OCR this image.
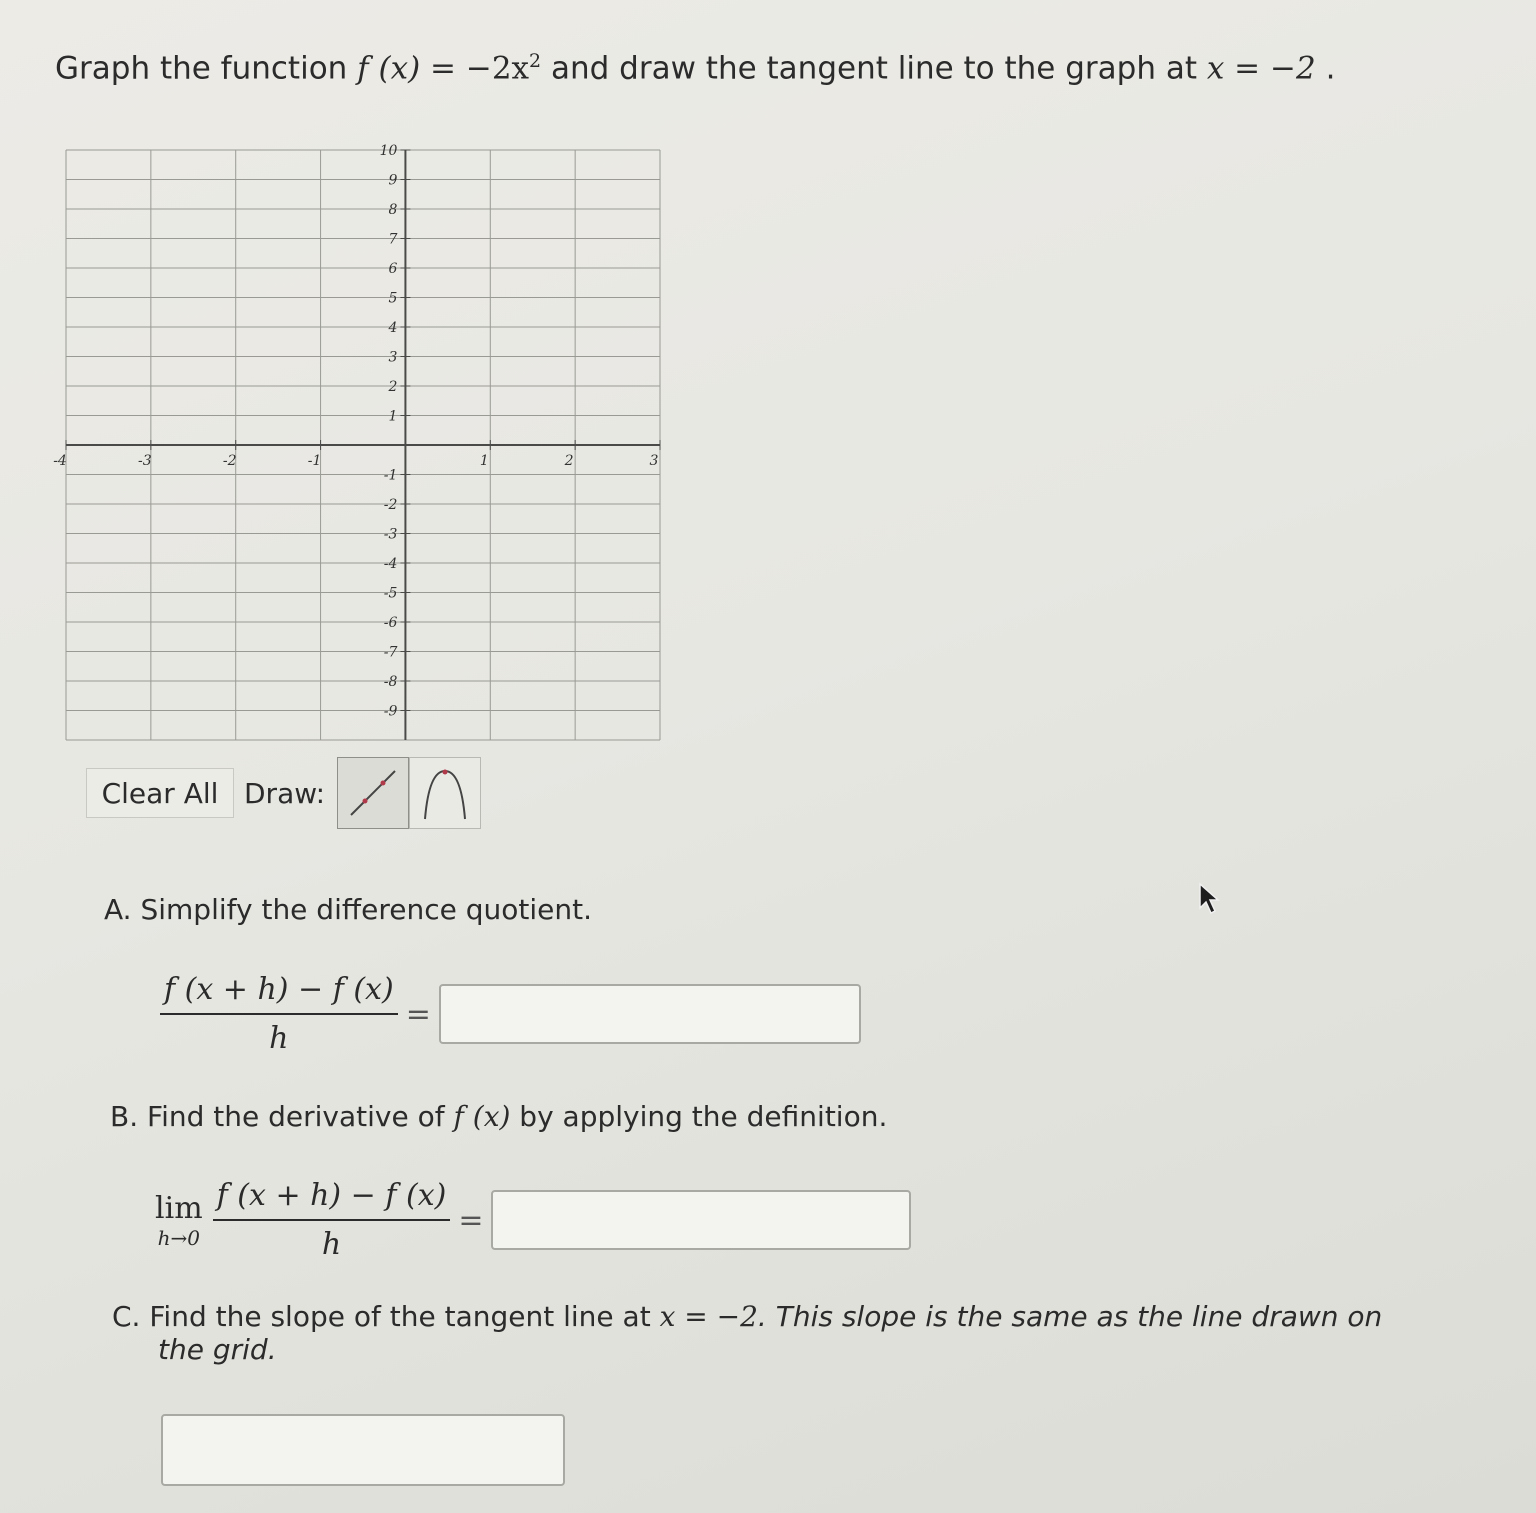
Graph the function f $(x) = -2x^2$ and draw the tangent line to the graph at x = −2 .
-4	-3	-2	-1	1	2	3
10
9
8
7
6
5
4
3
2
1
-1
-2
-3
-4
-5
-6
-7
-8
-9
Clear All Draw:
A. Simplify the difference quotient.
$\frac{f (x + h) - f (x)}{h}$ =
B. Find the derivative of f (x) by applying the definition.
lim
$h\to 0 \frac{f (x + h) - f (x)}{h}$ =
C. Find the slope of the tangent line at x = −2. This slope is the same as the line drawn on
the grid.
